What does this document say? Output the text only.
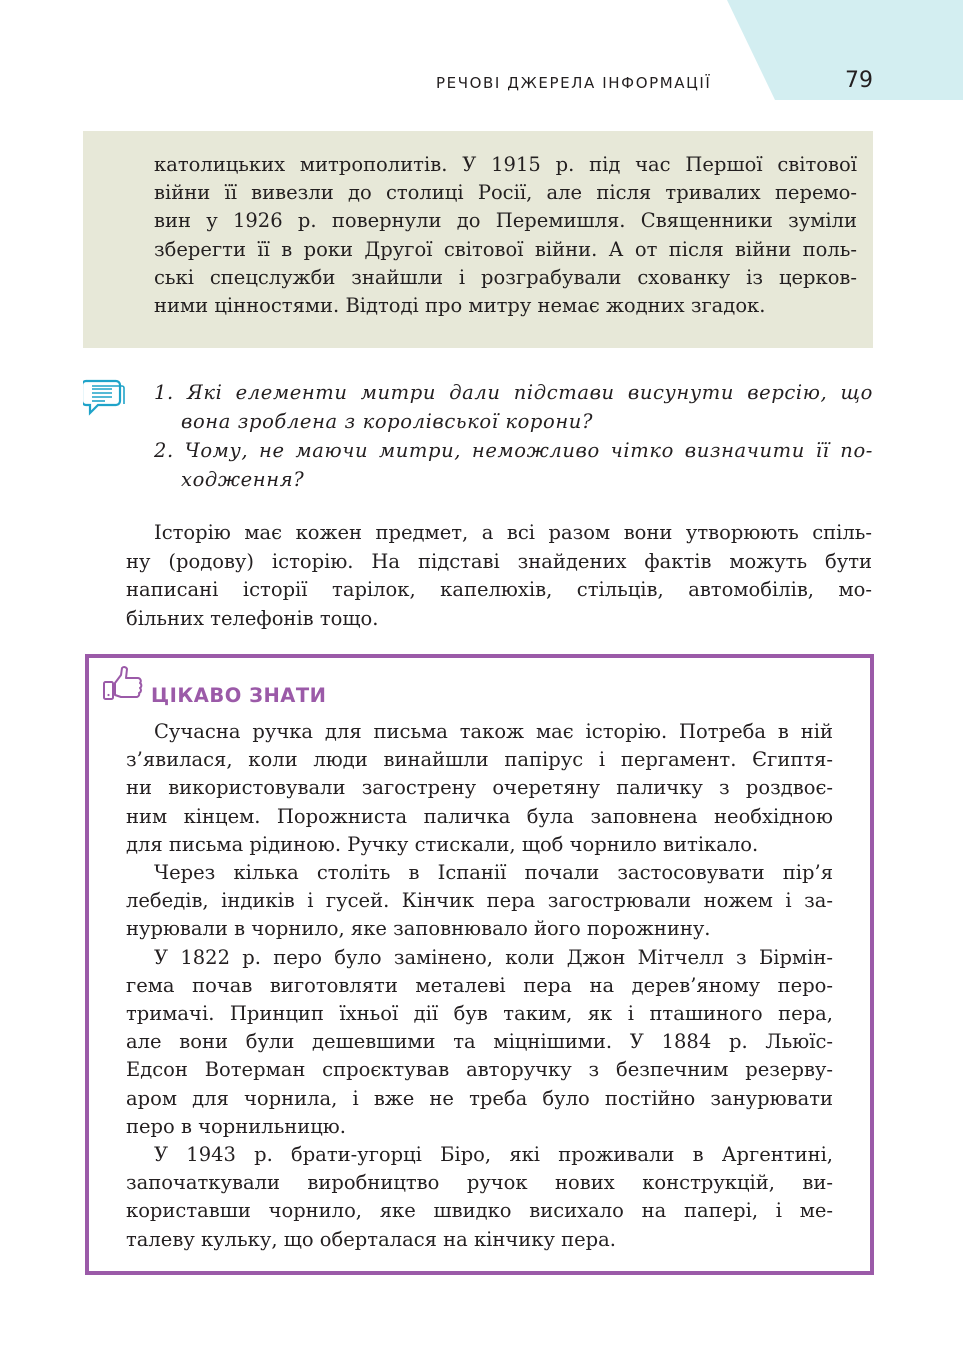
РЕЧОВІ ДЖЕРЕЛА ІНФОРМАЦІЇ	79

католицьких митрополитів. У 1915 р. під час Першої світової

війни її вивезли до столиці Росії, але після тривалих перемо-

вин у 1926 р. повернули до Перемишля. Священники зуміли

зберегти її в роки Другої світової війни. А от після війни поль-

ські спецслужби знайшли і розграбували схованку із церков-

ними цінностями. Відтоді про митру немає жодних згадок.

1. Які елементи митри дали підстави висунути версію, що

вона зроблена з королівської корони?

2. Чому, не маючи митри, неможливо чітко визначити її по-

ходження?

Історію має кожен предмет, а всі разом вони утворюють спіль-

ну (родову) історію. На підставі знайдених фактів можуть бути

написані історії тарілок, капелюхів, стільців, автомобілів, мо-

більних телефонів тощо.

ЦІКАВО ЗНАТИ

Сучасна ручка для письма також має історію. Потреба в ній

з’явилася, коли люди винайшли папірус і пергамент. Єгиптя-

ни використовували загострену очеретяну паличку з роздвоє-

ним кінцем. Порожниста паличка була заповнена необхідною

для письма рідиною. Ручку стискали, щоб чорнило витікало.

Через кілька століть в Іспанії почали застосовувати пір’я

лебедів, індиків і гусей. Кінчик пера загострювали ножем і за-

нурювали в чорнило, яке заповнювало його порожнину.

У 1822 р. перо було замінено, коли Джон Мітчелл з Бірмін-

гема почав виготовляти металеві пера на дерев’яному перо-

тримачі. Принцип їхньої дії був таким, як і пташиного пера,

але вони були дешевшими та міцнішими. У 1884 р. Льюїс-

Едсон Вотерман спроєктував авторучку з безпечним резерву-

аром для чорнила, і вже не треба було постійно занурювати

перо в чорнильницю.

У 1943 р. брати-угорці Біро, які проживали в Аргентині,

започаткували виробництво ручок нових конструкцій, ви-

користавши чорнило, яке швидко висихало на папері, і ме-

талеву кульку, що оберталася на кінчику пера.
